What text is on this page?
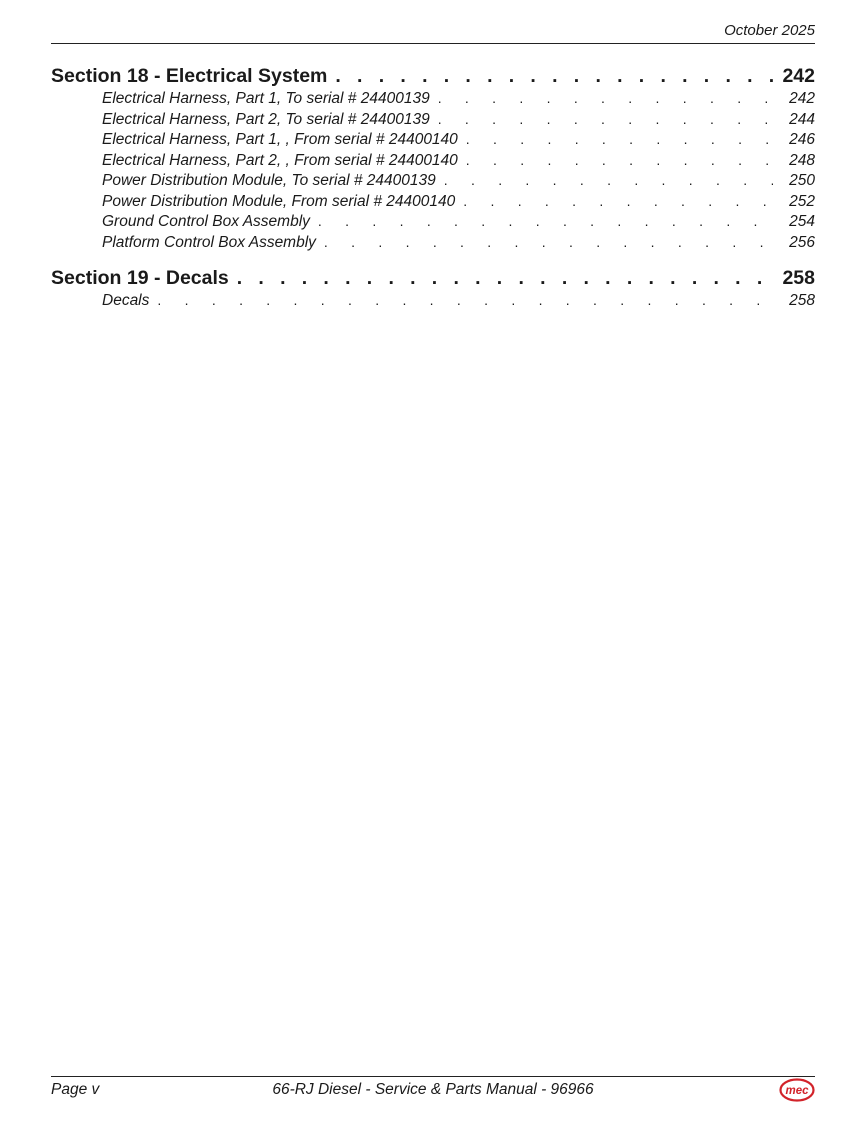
October 2025
Section 18 - Electrical System . .	242
Electrical Harness, Part 1, To serial # 24400139 .	242
Electrical Harness, Part 2, To serial # 24400139 .	244
Electrical Harness, Part 1, , From serial # 24400140 .	246
Electrical Harness, Part 2, , From serial # 24400140 .	248
Power Distribution Module, To serial # 24400139 .	250
Power Distribution Module, From serial # 24400140 .	252
Ground Control Box Assembly .	254
Platform Control Box Assembly .	256
Section 19 - Decals . .	258
Decals .	258
Page v	66-RJ Diesel - Service & Parts Manual - 96966	mec
